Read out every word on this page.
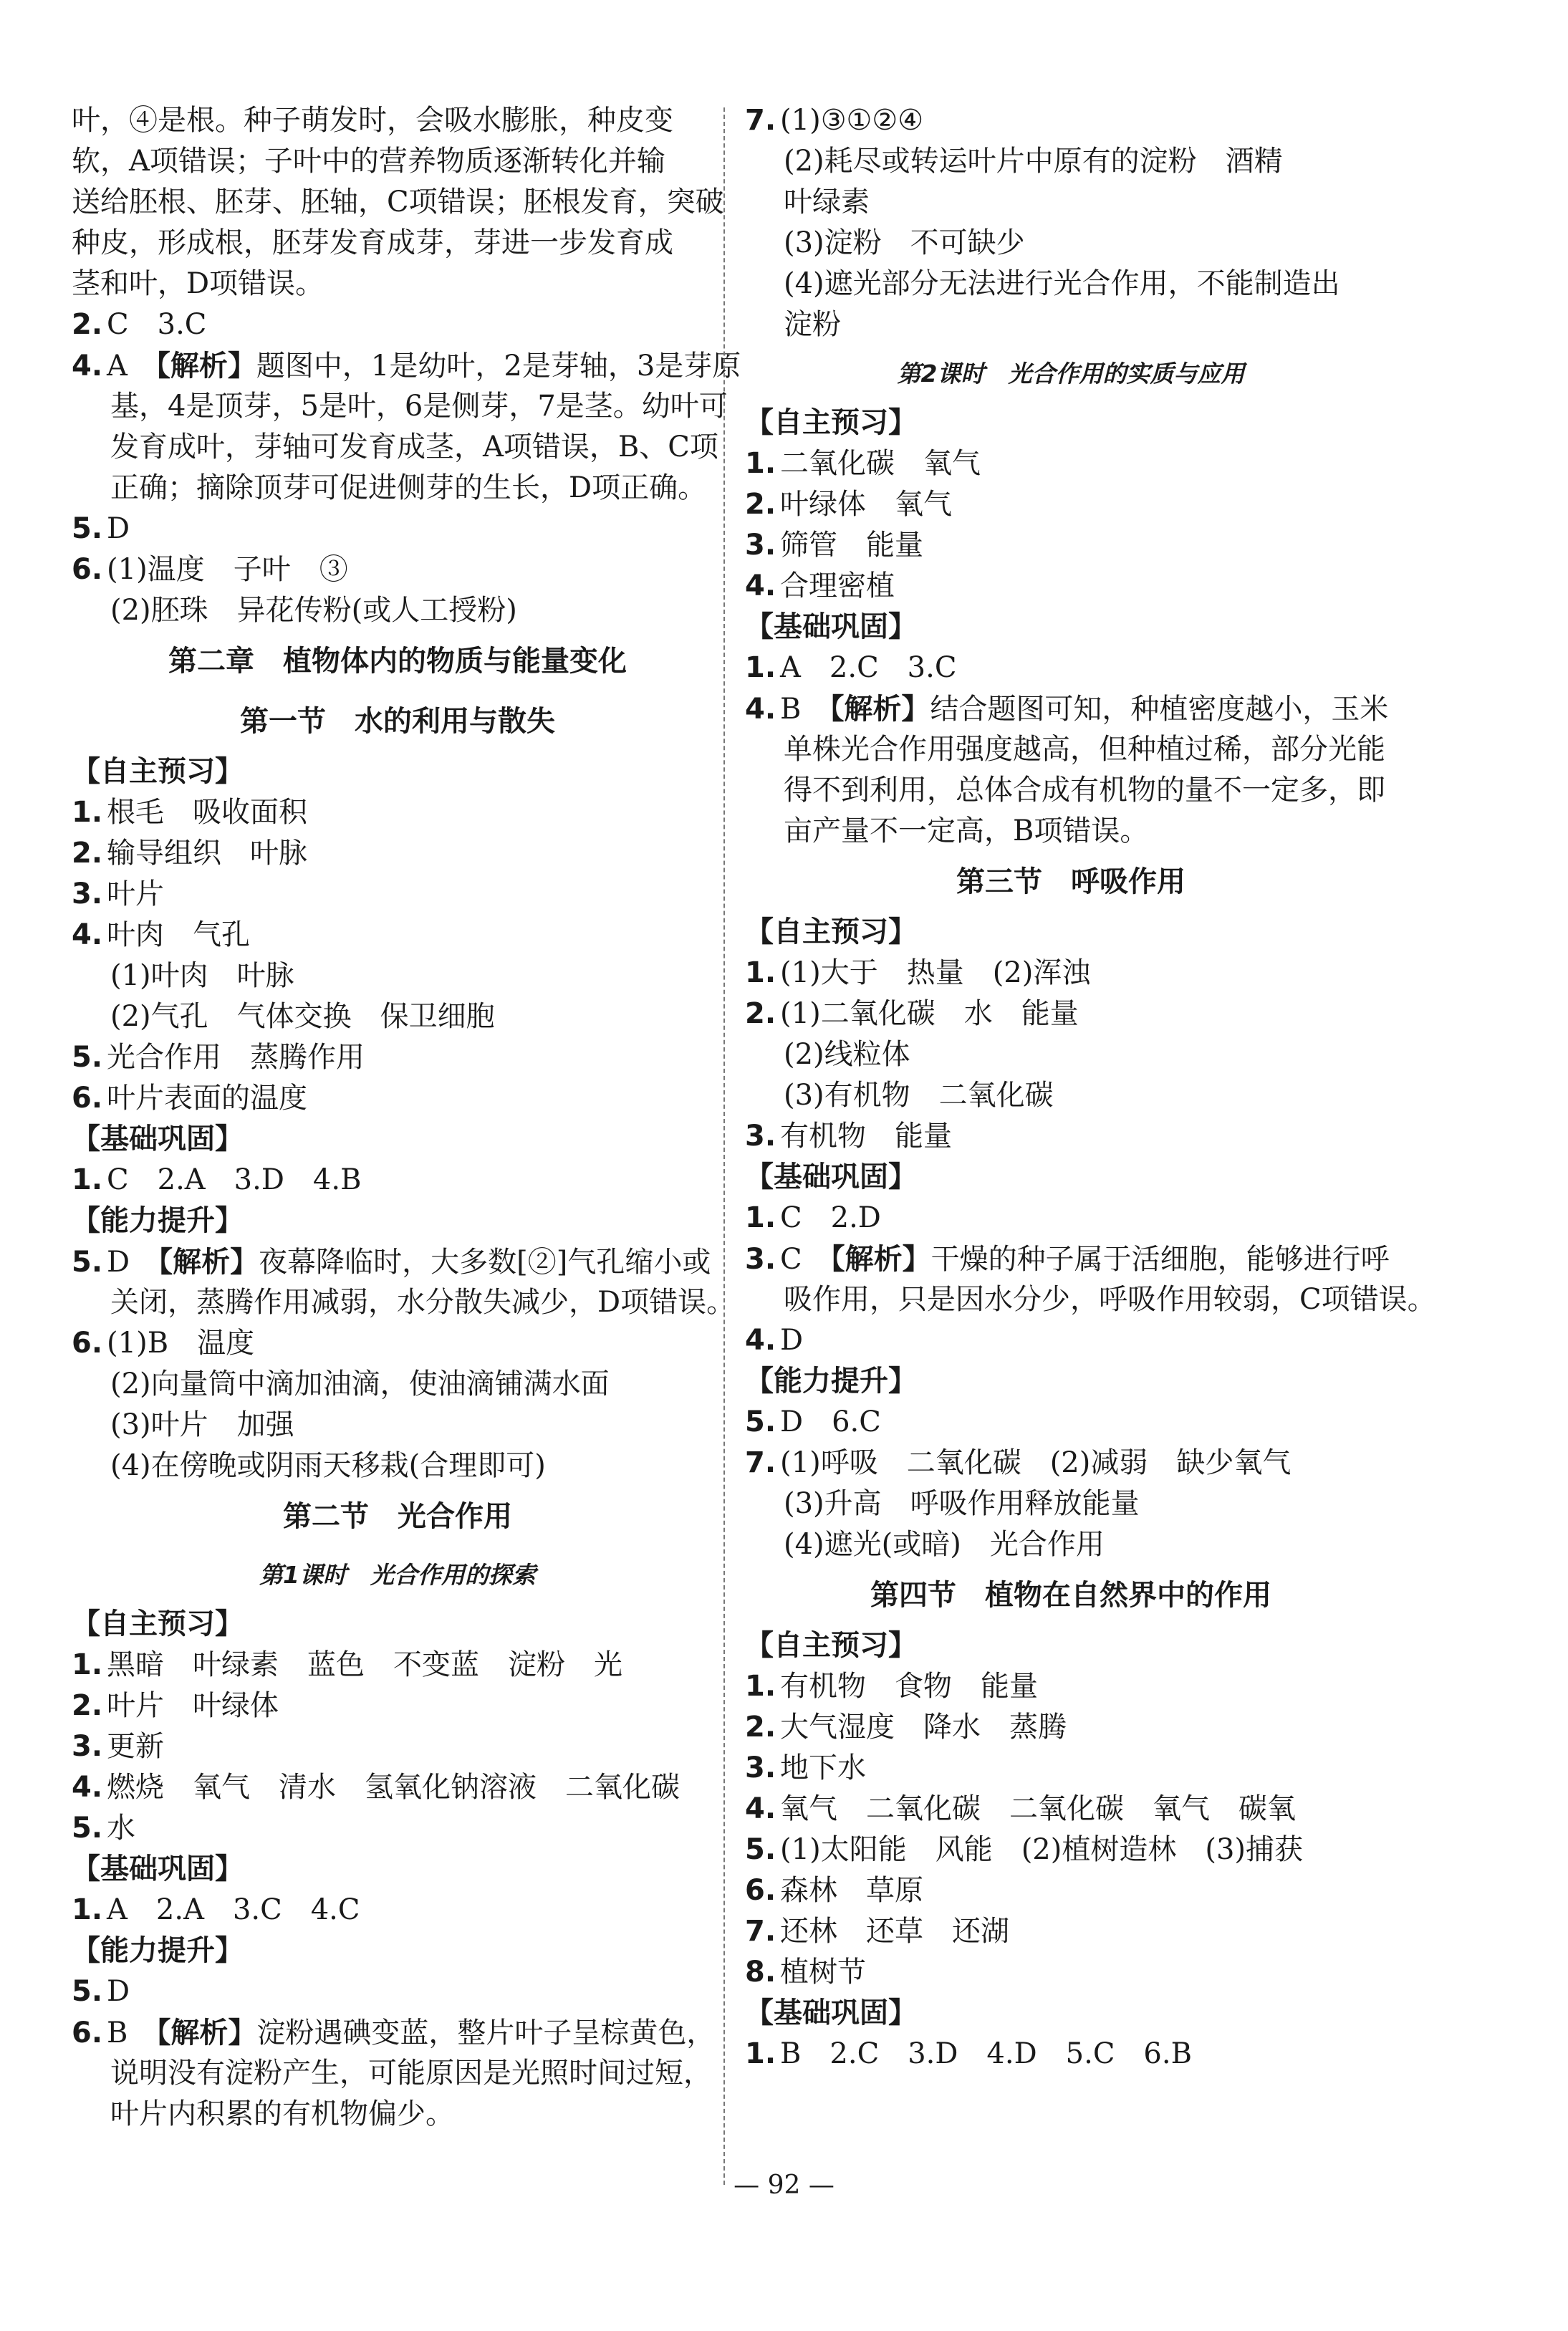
叶，④是根。种子萌发时，会吸水膨胀，种皮变
软，A项错误；子叶中的营养物质逐渐转化并输
送给胚根、胚芽、胚轴，C项错误；胚根发育，突破
种皮，形成根，胚芽发育成芽，芽进一步发育成
茎和叶，D项错误。
2. C　3.C
4. A　【解析】题图中，1是幼叶，2是芽轴，3是芽原
基，4是顶芽，5是叶，6是侧芽，7是茎。幼叶可
发育成叶，芽轴可发育成茎，A项错误，B、C项
正确；摘除顶芽可促进侧芽的生长，D项正确。
5. D
6. (1)温度　子叶　③
(2)胚珠　异花传粉(或人工授粉)
第二章　植物体内的物质与能量变化
第一节　水的利用与散失
【自主预习】
1. 根毛　吸收面积
2. 输导组织　叶脉
3. 叶片
4. 叶肉　气孔
(1)叶肉　叶脉
(2)气孔　气体交换　保卫细胞
5. 光合作用　蒸腾作用
6. 叶片表面的温度
【基础巩固】
1. C　2.A　3.D　4.B
【能力提升】
5. D　【解析】夜幕降临时，大多数[②]气孔缩小或
关闭，蒸腾作用减弱，水分散失减少，D项错误。
6. (1)B　温度
(2)向量筒中滴加油滴，使油滴铺满水面
(3)叶片　加强
(4)在傍晚或阴雨天移栽(合理即可)
第二节　光合作用
第1课时　光合作用的探索
【自主预习】
1. 黑暗　叶绿素　蓝色　不变蓝　淀粉　光
2. 叶片　叶绿体
3. 更新
4. 燃烧　氧气　清水　氢氧化钠溶液　二氧化碳
5. 水
【基础巩固】
1. A　2.A　3.C　4.C
【能力提升】
5. D
6. B　【解析】淀粉遇碘变蓝，整片叶子呈棕黄色，
说明没有淀粉产生，可能原因是光照时间过短，
叶片内积累的有机物偏少。
7. (1)③①②④
(2)耗尽或转运叶片中原有的淀粉　酒精
叶绿素
(3)淀粉　不可缺少
(4)遮光部分无法进行光合作用，不能制造出
淀粉
第2课时　光合作用的实质与应用
【自主预习】
1. 二氧化碳　氧气
2. 叶绿体　氧气
3. 筛管　能量
4. 合理密植
【基础巩固】
1. A　2.C　3.C
4. B　【解析】结合题图可知，种植密度越小，玉米
单株光合作用强度越高，但种植过稀，部分光能
得不到利用，总体合成有机物的量不一定多，即
亩产量不一定高，B项错误。
第三节　呼吸作用
【自主预习】
1. (1)大于　热量　(2)浑浊
2. (1)二氧化碳　水　能量
(2)线粒体
(3)有机物　二氧化碳
3. 有机物　能量
【基础巩固】
1. C　2.D
3. C　【解析】干燥的种子属于活细胞，能够进行呼
吸作用，只是因水分少，呼吸作用较弱，C项错误。
4. D
【能力提升】
5. D　6.C
7. (1)呼吸　二氧化碳　(2)减弱　缺少氧气
(3)升高　呼吸作用释放能量
(4)遮光(或暗)　光合作用
第四节　植物在自然界中的作用
【自主预习】
1. 有机物　食物　能量
2. 大气湿度　降水　蒸腾
3. 地下水
4. 氧气　二氧化碳　二氧化碳　氧气　碳氧
5. (1)太阳能　风能　(2)植树造林　(3)捕获
6. 森林　草原
7. 还林　还草　还湖
8. 植树节
【基础巩固】
1. B　2.C　3.D　4.D　5.C　6.B
— 92 —
